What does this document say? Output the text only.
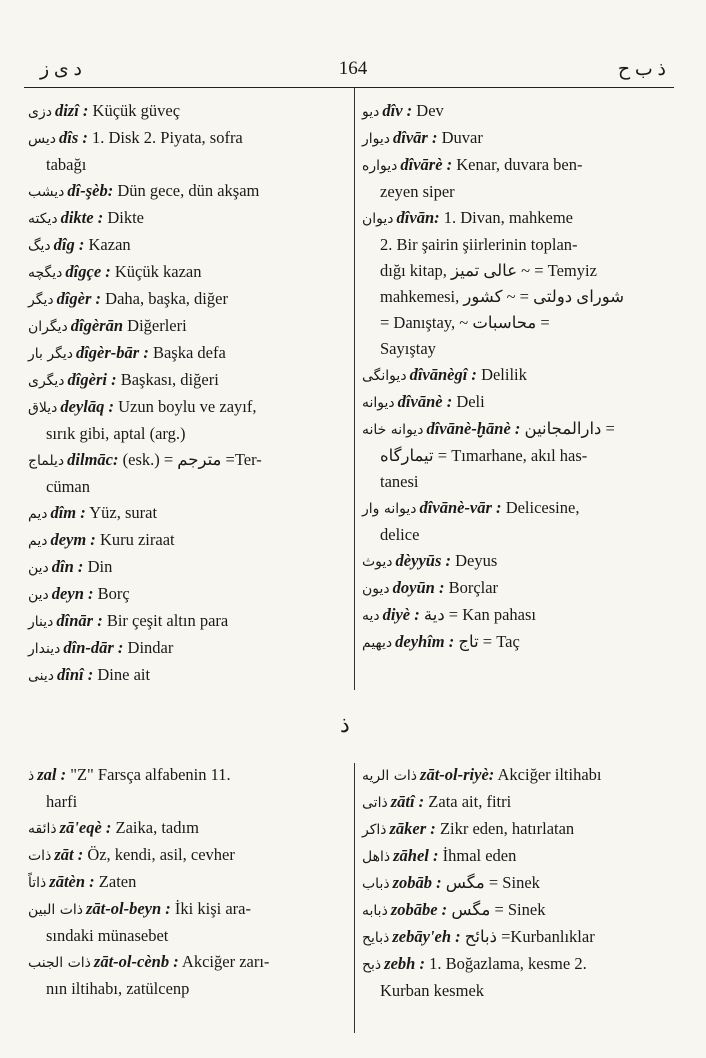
د ی ز	164	ذ ب ح
ذ
دزی dizî : Küçük güveç
دیس dîs : 1. Disk 2. Piyata, sofra
tabağı
دیشب dî-şèb: Dün gece, dün akşam
دیکته dikte : Dikte
دیگ dîg : Kazan
دیگچه dîgçe : Küçük kazan
دیگر dîgèr : Daha, başka, diğer
دیگران dîgèrān Diğerleri
دیگر بار dîgèr-bār : Başka defa
دیگری dîgèri : Başkası, diğeri
دیلاق deylāq : Uzun boylu ve zayıf,
sırık gibi, aptal (arg.)
دیلماج dilmāc: (esk.) = مترجم =Ter-
cüman
دیم dîm : Yüz, surat
دیم deym : Kuru ziraat
دین dîn : Din
دین deyn : Borç
دینار dînār : Bir çeşit altın para
دیندار dîn-dār : Dindar
دینی dînî : Dine ait
دیو dîv : Dev
دیوار dîvār : Duvar
دیواره dîvārè : Kenar, duvara ben-
zeyen siper
دیوان dîvān: 1. Divan, mahkeme
2. Bir şairin şiirlerinin toplan-
dığı kitap, عالی تمیز ~ = Temyiz
mahkemesi, شورای دولتی = ~ کشور
= Danıştay, ~ محاسبات =
Sayıştay
دیوانگی dîvānègî : Delilik
دیوانه dîvānè : Deli
دیوانه خانه dîvānè-ḫānè : دارالمجانین =
تیمارگاه = Tımarhane, akıl has-
tanesi
دیوانه وار dîvānè-vār : Delicesine,
delice
دیوث dèyyūs : Deyus
دیون doyūn : Borçlar
دیه diyè : دیة = Kan pahası
دیهیم deyhîm : تاج = Taç
ذ zal : "Z" Farsça alfabenin 11.
harfi
ذائقه zā'eqè : Zaika, tadım
ذات zāt : Öz, kendi, asil, cevher
ذاتاً zātèn : Zaten
ذات البین zāt-ol-beyn : İki kişi ara-
sındaki münasebet
ذات الجنب zāt-ol-cènb : Akciğer zarı-
nın iltihabı, zatülcenp
ذات الریه zāt-ol-riyè: Akciğer iltihabı
ذاتی zātî : Zata ait, fitri
ذاکر zāker : Zikr eden, hatırlatan
ذاهل zāhel : İhmal eden
ذباب zobāb : مگس = Sinek
ذبابه zobābe : مگس = Sinek
ذبایح zebāy'eh : ذبائح =Kurbanlıklar
ذبح zebh : 1. Boğazlama, kesme 2.
Kurban kesmek
